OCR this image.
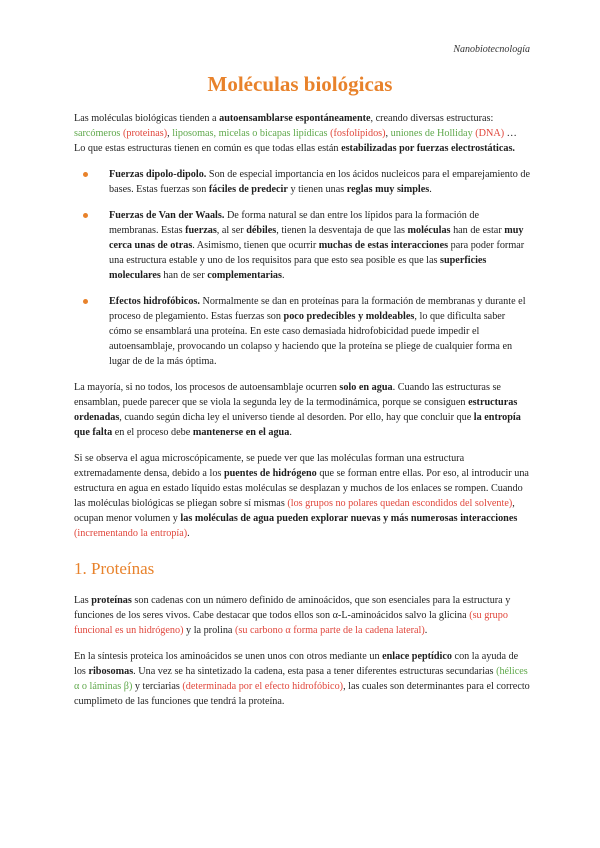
Nanobiotecnología
Moléculas biológicas

Las moléculas biológicas tienden a autoensamblarse espontáneamente, creando diversas estructuras: sarcómeros (proteinas), liposomas, micelas o bicapas lipídicas (fosfolípidos), uniones de Holliday (DNA) … Lo que estas estructuras tienen en común es que todas ellas están estabilizadas por fuerzas electrostáticas.

Fuerzas dipolo-dipolo. Son de especial importancia en los ácidos nucleicos para el emparejamiento de bases. Estas fuerzas son fáciles de predecir y tienen unas reglas muy simples.
Fuerzas de Van der Waals. De forma natural se dan entre los lípidos para la formación de membranas. Estas fuerzas, al ser débiles, tienen la desventaja de que las moléculas han de estar muy cerca unas de otras. Asimismo, tienen que ocurrir muchas de estas interacciones para poder formar una estructura estable y uno de los requisitos para que esto sea posible es que las superficies moleculares han de ser complementarias.
Efectos hidrofóbicos. Normalmente se dan en proteínas para la formación de membranas y durante el proceso de plegamiento. Estas fuerzas son poco predecibles y moldeables, lo que dificulta saber cómo se ensamblará una proteína. En este caso demasiada hidrofobicidad puede impedir el autoensamblaje, provocando un colapso y haciendo que la proteína se pliege de cualquier forma en lugar de de la más óptima.

La mayoría, si no todos, los procesos de autoensamblaje ocurren solo en agua. Cuando las estructuras se ensamblan, puede parecer que se viola la segunda ley de la termodinámica, porque se consiguen estructuras ordenadas, cuando según dicha ley el universo tiende al desorden. Por ello, hay que concluir que la entropía que falta en el proceso debe mantenerse en el agua.

Si se observa el agua microscópicamente, se puede ver que las moléculas forman una estructura extremadamente densa, debido a los puentes de hidrógeno que se forman entre ellas. Por eso, al introducir una estructura en agua en estado líquido estas moléculas se desplazan y muchos de los enlaces se rompen. Cuando las moléculas biológicas se pliegan sobre sí mismas (los grupos no polares quedan escondidos del solvente), ocupan menor volumen y las moléculas de agua pueden explorar nuevas y más numerosas interacciones (incrementando la entropía).

1. Proteínas

Las proteínas son cadenas con un número definido de aminoácidos, que son esenciales para la estructura y funciones de los seres vivos. Cabe destacar que todos ellos son α-L-aminoácidos salvo la glicina (su grupo funcional es un hidrógeno) y la prolina (su carbono α forma parte de la cadena lateral).

En la síntesis proteica los aminoácidos se unen unos con otros mediante un enlace peptídico con la ayuda de los ribosomas. Una vez se ha sintetizado la cadena, esta pasa a tener diferentes estructuras secundarias (hélices α o láminas β) y terciarias (determinada por el efecto hidrofóbico), las cuales son determinantes para el correcto cumplimeto de las funciones que tendrá la proteína.
